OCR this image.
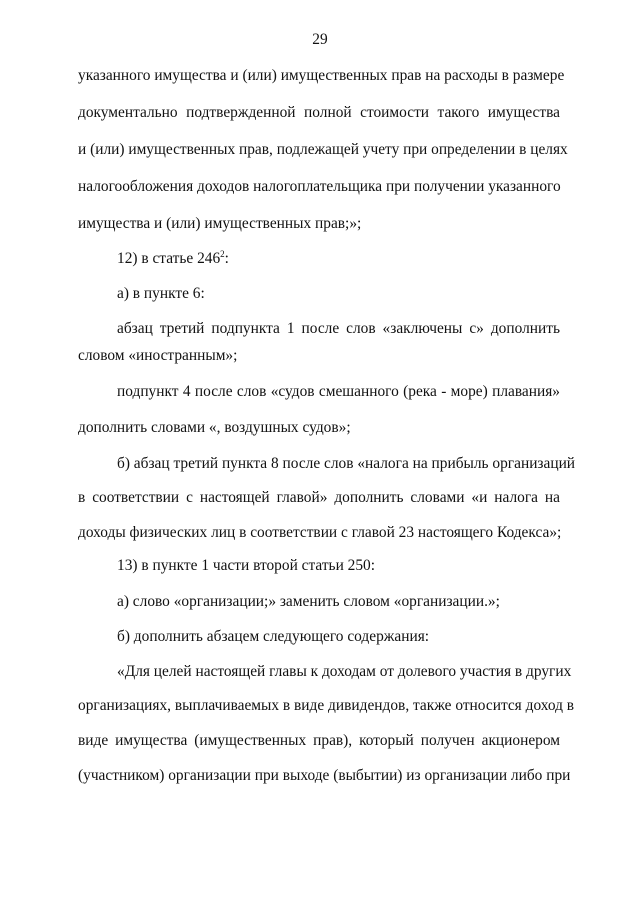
29
указанного имущества и (или) имущественных прав на расходы в размере
документально подтвержденной полной стоимости такого имущества
и (или) имущественных прав, подлежащей учету при определении в целях
налогообложения доходов налогоплательщика при получении указанного
имущества и (или) имущественных прав;»;
12) в статье $246^2$:
а) в пункте 6:
абзац третий подпункта 1 после слов «заключены с» дополнить
словом «иностранным»;
подпункт 4 после слов «судов смешанного (река - море) плавания»
дополнить словами «, воздушных судов»;
б) абзац третий пункта 8 после слов «налога на прибыль организаций
в соответствии с настоящей главой» дополнить словами «и налога на
доходы физических лиц в соответствии с главой 23 настоящего Кодекса»;
13) в пункте 1 части второй статьи 250:
а) слово «организации;» заменить словом «организации.»;
б) дополнить абзацем следующего содержания:
«Для целей настоящей главы к доходам от долевого участия в других
организациях, выплачиваемых в виде дивидендов, также относится доход в
виде имущества (имущественных прав), который получен акционером
(участником) организации при выходе (выбытии) из организации либо при
